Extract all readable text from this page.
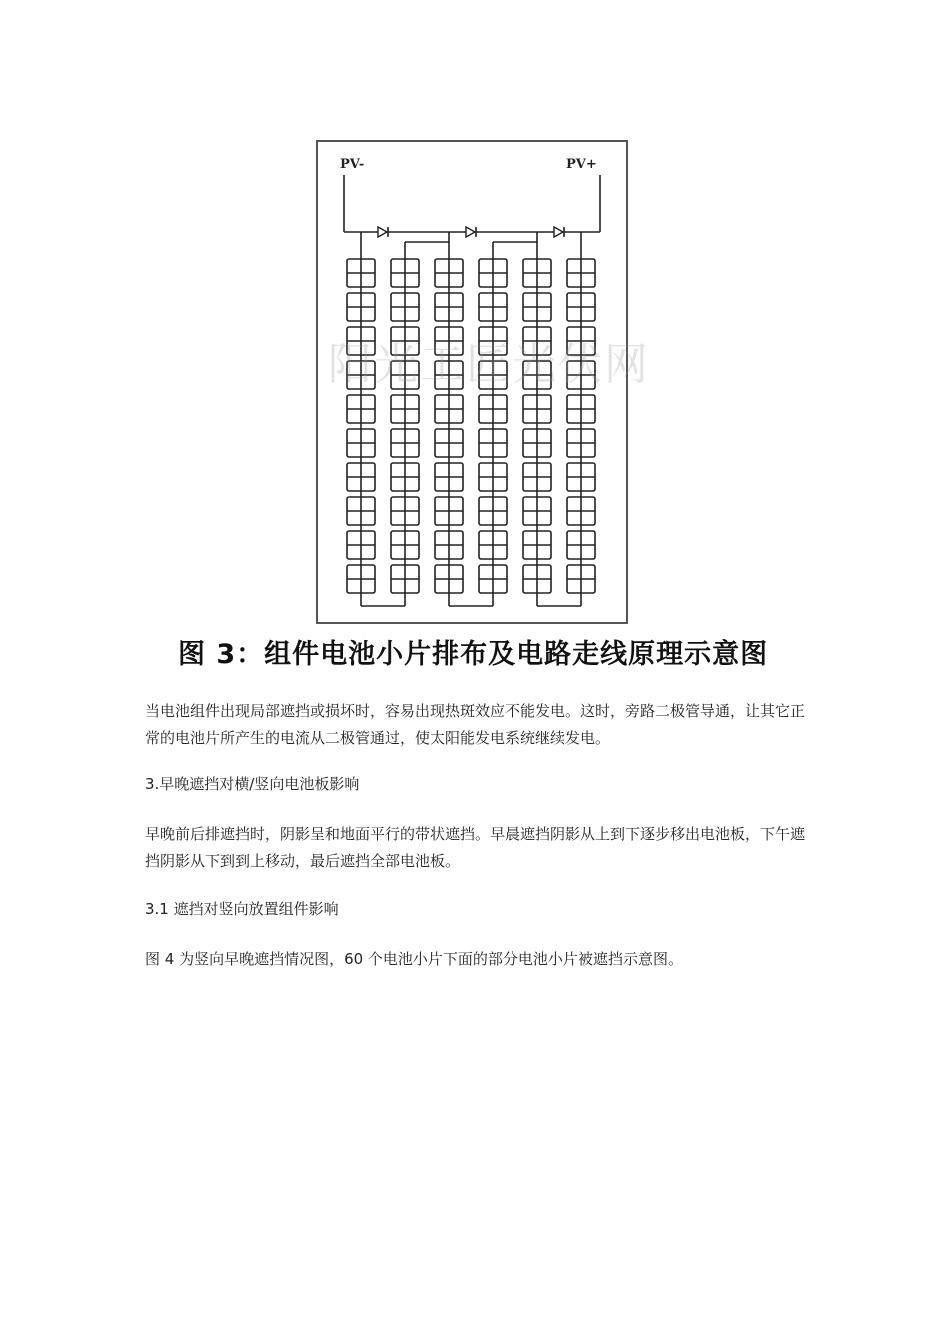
PV-	PV+
阳光工匠光伏网
图 3：组件电池小片排布及电路走线原理示意图

当电池组件出现局部遮挡或损坏时，容易出现热斑效应不能发电。这时，旁路二极管导通，让其它正常的电池片所产生的电流从二极管通过，使太阳能发电系统继续发电。

3.早晚遮挡对横/竖向电池板影响

早晚前后排遮挡时，阴影呈和地面平行的带状遮挡。早晨遮挡阴影从上到下逐步移出电池板，下午遮挡阴影从下到到上移动，最后遮挡全部电池板。

3.1 遮挡对竖向放置组件影响

图 4 为竖向早晚遮挡情况图，60 个电池小片下面的部分电池小片被遮挡示意图。
